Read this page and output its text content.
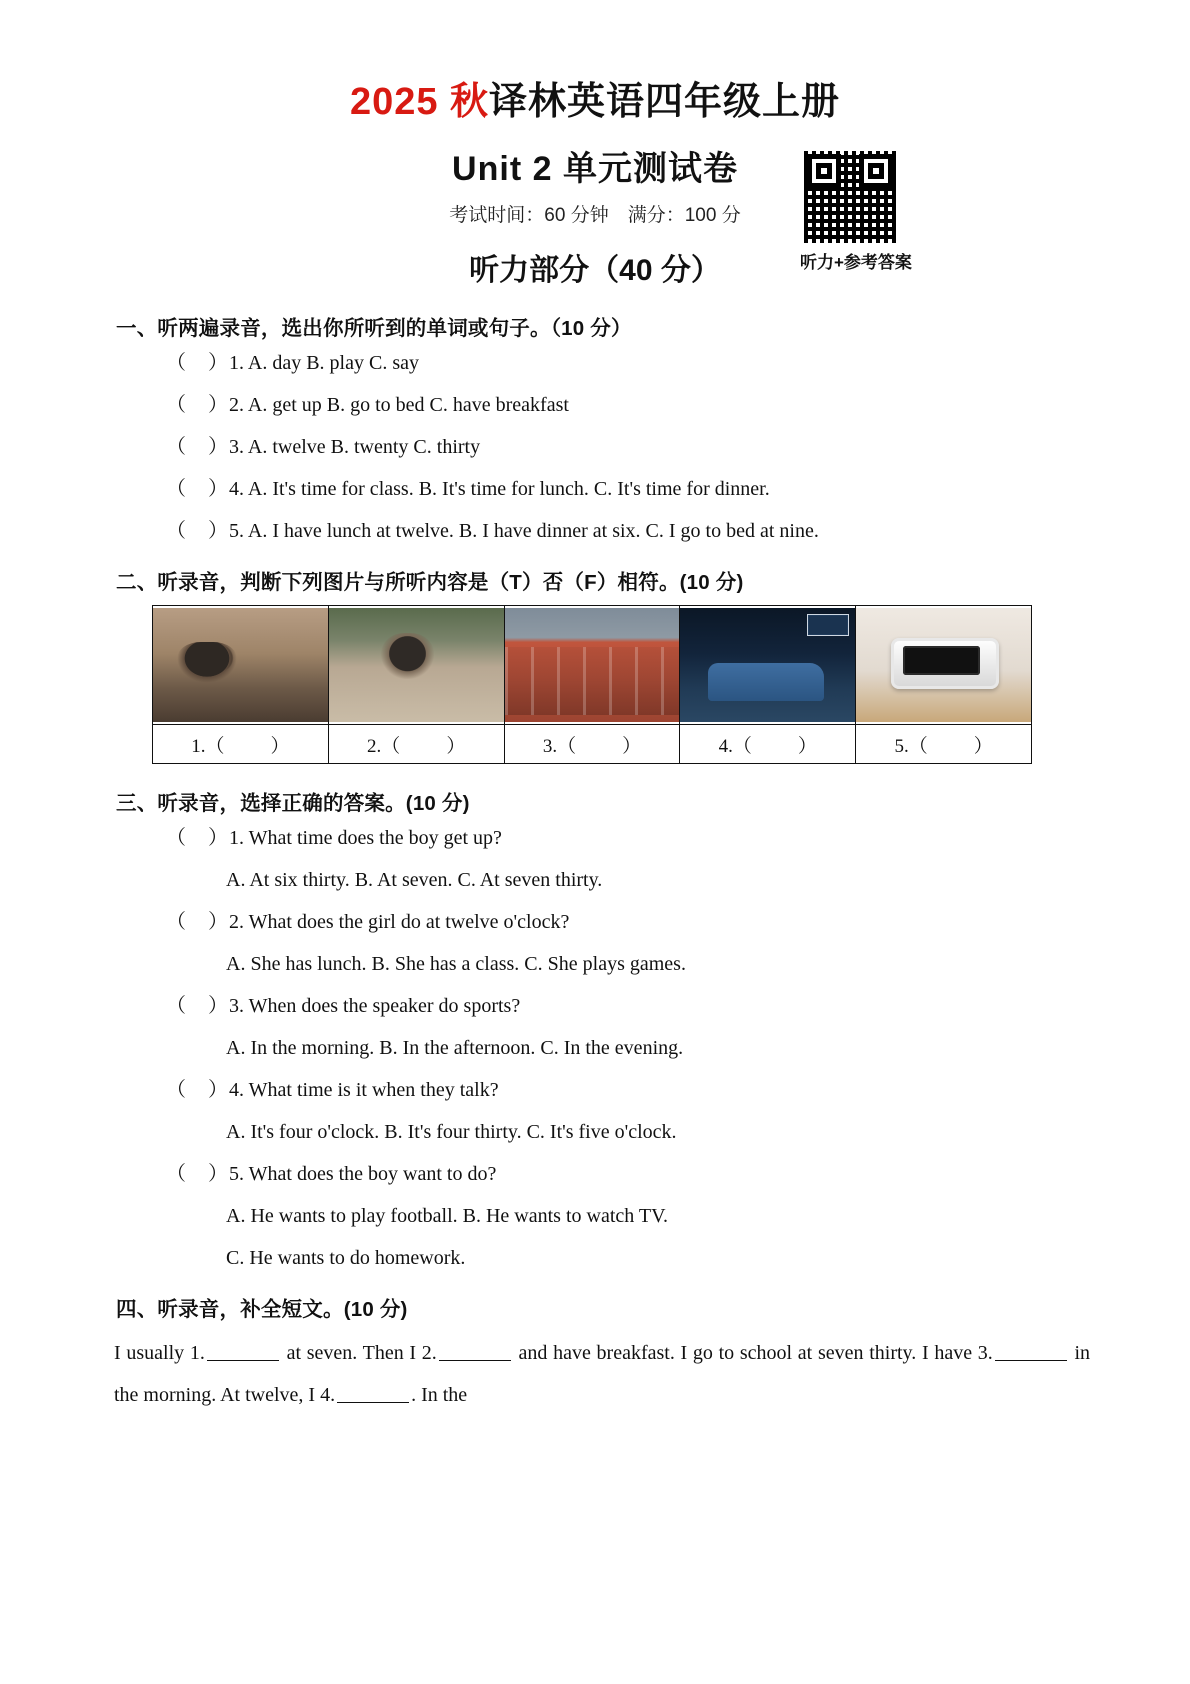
2025 秋译林英语四年级上册
Unit 2 单元测试卷
考试时间：60 分钟　满分：100 分
听力部分（40 分）	听力+参考答案
一、听两遍录音，选出你所听到的单词或句子。（10 分）
（　）1. A. day B. play C. say
（　）2. A. get up B. go to bed C. have breakfast
（　）3. A. twelve B. twenty C. thirty
（　）4. A. It's time for class. B. It's time for lunch. C. It's time for dinner.
（　）5. A. I have lunch at twelve. B. I have dinner at six. C. I go to bed at nine.
二、听录音，判断下列图片与所听内容是（T）否（F）相符。(10 分)

1.（ ）	2.（ ）	3.（ ）	4.（ ）	5.（ ）
三、听录音，选择正确的答案。(10 分)
（　）1. What time does the boy get up?
A. At six thirty. B. At seven. C. At seven thirty.
（　）2. What does the girl do at twelve o'clock?
A. She has lunch. B. She has a class. C. She plays games.
（　）3. When does the speaker do sports?
A. In the morning. B. In the afternoon. C. In the evening.
（　）4. What time is it when they talk?
A. It's four o'clock. B. It's four thirty. C. It's five o'clock.
（　）5. What does the boy want to do?
A. He wants to play football. B. He wants to watch TV.
C. He wants to do homework.
四、听录音，补全短文。(10 分)
I usually 1.	at seven. Then I 2.	and have breakfast. I go to school at seven thirty. I have 3.	in the morning. At twelve, I 4.	. In the
